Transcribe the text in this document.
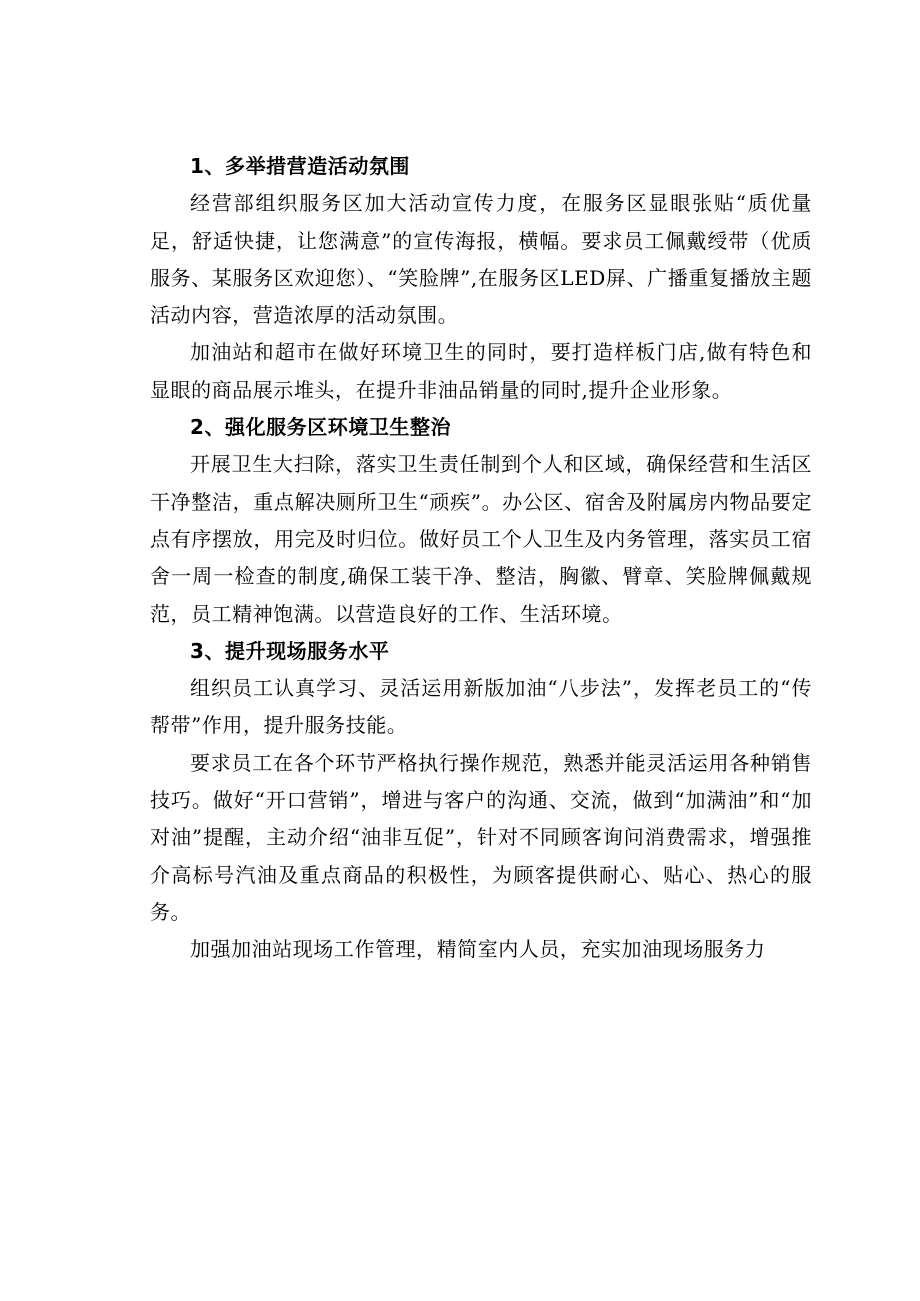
1、多举措营造活动氛围

经营部组织服务区加大活动宣传力度，在服务区显眼张贴“质优量足，舒适快捷，让您满意”的宣传海报，横幅。要求员工佩戴绶带（优质服务、某服务区欢迎您）、“笑脸牌”,在服务区LED屏、广播重复播放主题活动内容，营造浓厚的活动氛围。

加油站和超市在做好环境卫生的同时，要打造样板门店,做有特色和显眼的商品展示堆头，在提升非油品销量的同时,提升企业形象。

2、强化服务区环境卫生整治

开展卫生大扫除，落实卫生责任制到个人和区域，确保经营和生活区干净整洁，重点解决厕所卫生“顽疾”。办公区、宿舍及附属房内物品要定点有序摆放，用完及时归位。做好员工个人卫生及内务管理，落实员工宿舍一周一检查的制度,确保工装干净、整洁，胸徽、臂章、笑脸牌佩戴规范，员工精神饱满。以营造良好的工作、生活环境。

3、提升现场服务水平

组织员工认真学习、灵活运用新版加油“八步法”，发挥老员工的“传帮带”作用，提升服务技能。

要求员工在各个环节严格执行操作规范，熟悉并能灵活运用各种销售技巧。做好“开口营销”，增进与客户的沟通、交流，做到“加满油”和“加对油”提醒，主动介绍“油非互促”，针对不同顾客询问消费需求，增强推介高标号汽油及重点商品的积极性，为顾客提供耐心、贴心、热心的服务。

加强加油站现场工作管理，精简室内人员，充实加油现场服务力
